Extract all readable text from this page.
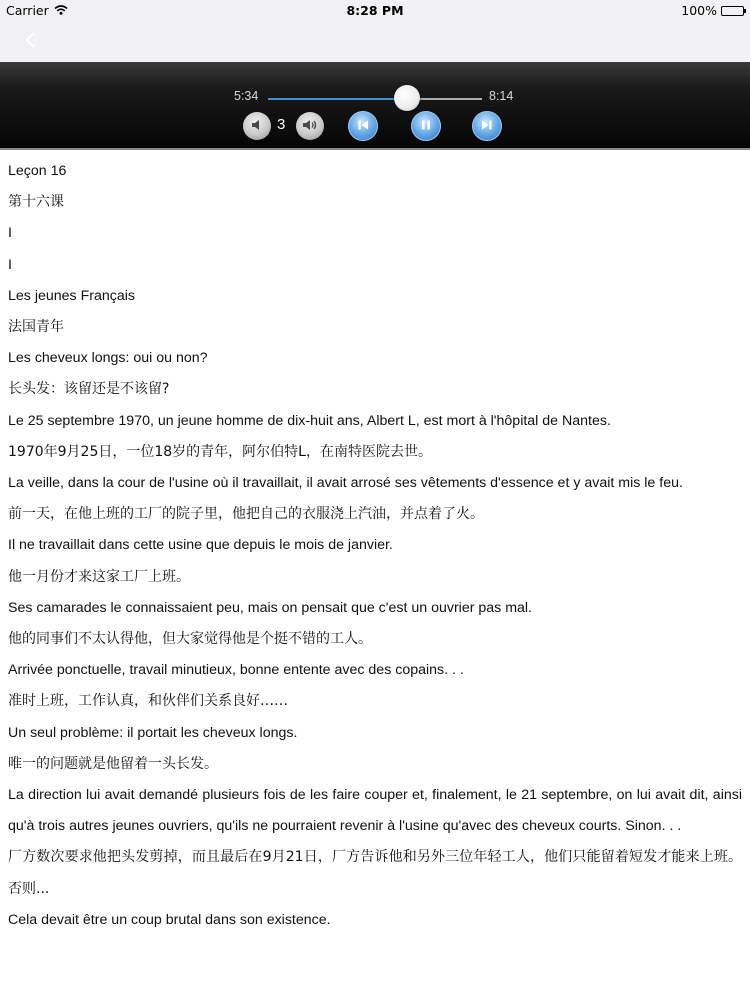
Carrier	8:28 PM	100%
5:34	8:14
3
Leçon 16
第十六课
I
I
Les jeunes Français
法国青年
Les cheveux longs: oui ou non?
长头发：该留还是不该留?
Le 25 septembre 1970, un jeune homme de dix-huit ans, Albert L, est mort à l'hôpital de Nantes.
1970年9月25日，一位18岁的青年，阿尔伯特L，在南特医院去世。
La veille, dans la cour de l'usine où il travaillait, il avait arrosé ses vêtements d'essence et y avait mis le feu.
前一天，在他上班的工厂的院子里，他把自己的衣服浇上汽油，并点着了火。
Il ne travaillait dans cette usine que depuis le mois de janvier.
他一月份才来这家工厂上班。
Ses camarades le connaissaient peu, mais on pensait que c'est un ouvrier pas mal.
他的同事们不太认得他，但大家觉得他是个挺不错的工人。
Arrivée ponctuelle, travail minutieux, bonne entente avec des copains. . .
准时上班，工作认真，和伙伴们关系良好……
Un seul problème: il portait les cheveux longs.
唯一的问题就是他留着一头长发。
La direction lui avait demandé plusieurs fois de les faire couper et, finalement, le 21 septembre, on lui avait dit, ainsi qu'à trois autres jeunes ouvriers, qu'ils ne pourraient revenir à l'usine qu'avec des cheveux courts. Sinon. . .
厂方数次要求他把头发剪掉，而且最后在9月21日，厂方告诉他和另外三位年轻工人，他们只能留着短发才能来上班。否则...
Cela devait être un coup brutal dans son existence.
